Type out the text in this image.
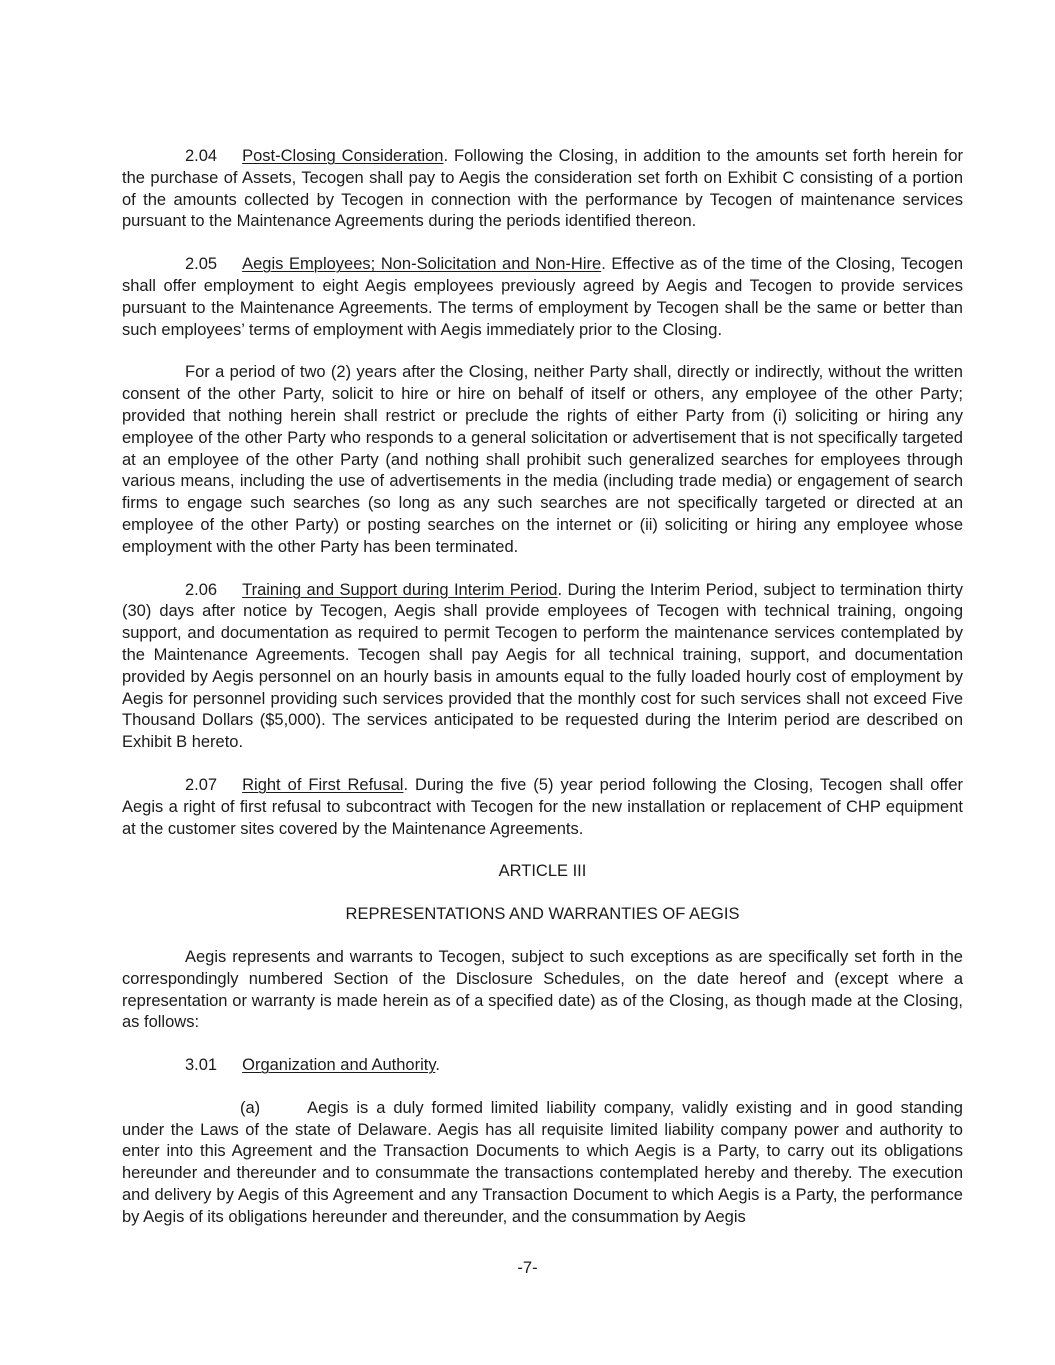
2.04 Post-Closing Consideration. Following the Closing, in addition to the amounts set forth herein for the purchase of Assets, Tecogen shall pay to Aegis the consideration set forth on Exhibit C consisting of a portion of the amounts collected by Tecogen in connection with the performance by Tecogen of maintenance services pursuant to the Maintenance Agreements during the periods identified thereon.

2.05 Aegis Employees; Non-Solicitation and Non-Hire. Effective as of the time of the Closing, Tecogen shall offer employment to eight Aegis employees previously agreed by Aegis and Tecogen to provide services pursuant to the Maintenance Agreements. The terms of employment by Tecogen shall be the same or better than such employees’ terms of employment with Aegis immediately prior to the Closing.

For a period of two (2) years after the Closing, neither Party shall, directly or indirectly, without the written consent of the other Party, solicit to hire or hire on behalf of itself or others, any employee of the other Party; provided that nothing herein shall restrict or preclude the rights of either Party from (i) soliciting or hiring any employee of the other Party who responds to a general solicitation or advertisement that is not specifically targeted at an employee of the other Party (and nothing shall prohibit such generalized searches for employees through various means, including the use of advertisements in the media (including trade media) or engagement of search firms to engage such searches (so long as any such searches are not specifically targeted or directed at an employee of the other Party) or posting searches on the internet or (ii) soliciting or hiring any employee whose employment with the other Party has been terminated.

2.06 Training and Support during Interim Period. During the Interim Period, subject to termination thirty (30) days after notice by Tecogen, Aegis shall provide employees of Tecogen with technical training, ongoing support, and documentation as required to permit Tecogen to perform the maintenance services contemplated by the Maintenance Agreements. Tecogen shall pay Aegis for all technical training, support, and documentation provided by Aegis personnel on an hourly basis in amounts equal to the fully loaded hourly cost of employment by Aegis for personnel providing such services provided that the monthly cost for such services shall not exceed Five Thousand Dollars ($5,000). The services anticipated to be requested during the Interim period are described on Exhibit B hereto.

2.07 Right of First Refusal. During the five (5) year period following the Closing, Tecogen shall offer Aegis a right of first refusal to subcontract with Tecogen for the new installation or replacement of CHP equipment at the customer sites covered by the Maintenance Agreements.

ARTICLE III

REPRESENTATIONS AND WARRANTIES OF AEGIS

Aegis represents and warrants to Tecogen, subject to such exceptions as are specifically set forth in the correspondingly numbered Section of the Disclosure Schedules, on the date hereof and (except where a representation or warranty is made herein as of a specified date) as of the Closing, as though made at the Closing, as follows:

3.01 Organization and Authority.

(a)	Aegis is a duly formed limited liability company, validly existing and in good standing under the Laws of the state of Delaware. Aegis has all requisite limited liability company power and authority to enter into this Agreement and the Transaction Documents to which Aegis is a Party, to carry out its obligations hereunder and thereunder and to consummate the transactions contemplated hereby and thereby. The execution and delivery by Aegis of this Agreement and any Transaction Document to which Aegis is a Party, the performance by Aegis of its obligations hereunder and thereunder, and the consummation by Aegis

-7-
